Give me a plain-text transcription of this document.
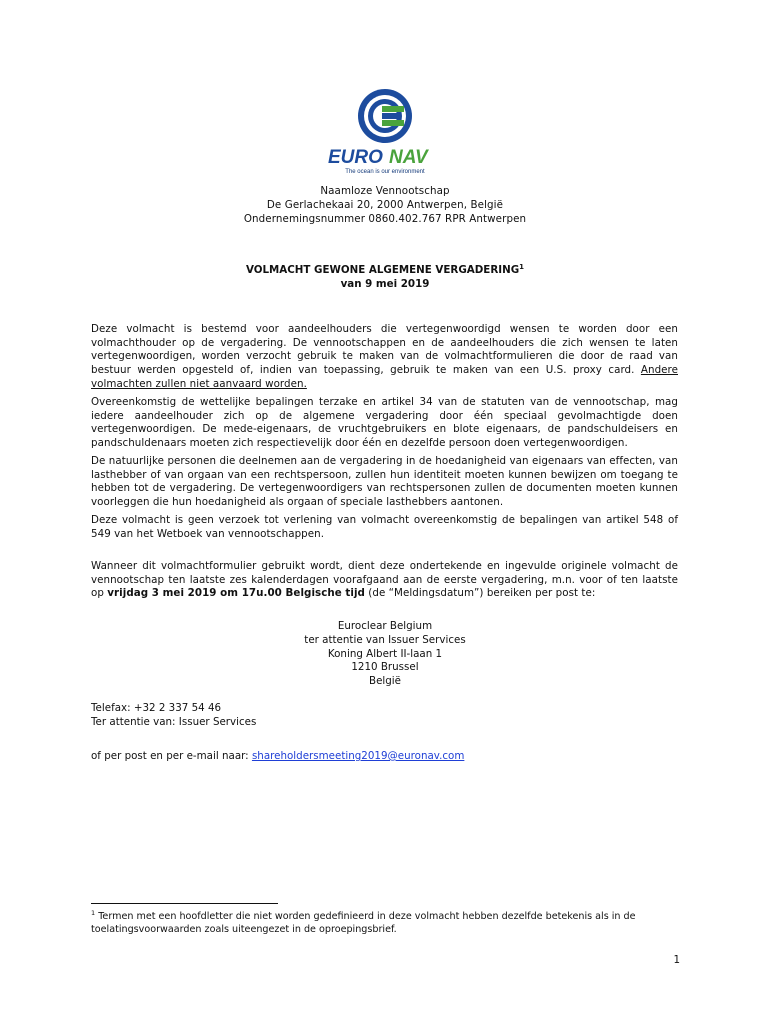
EURO NAV
The ocean is our environment
Naamloze Vennootschap
De Gerlachekaai 20, 2000 Antwerpen, België
Ondernemingsnummer 0860.402.767 RPR Antwerpen
VOLMACHT GEWONE ALGEMENE VERGADERING$^1$
van 9 mei 2019
Deze volmacht is bestemd voor aandeelhouders die vertegenwoordigd wensen te worden door een volmachthouder op de vergadering. De vennootschappen en de aandeelhouders die zich wensen te laten vertegenwoordigen, worden verzocht gebruik te maken van de volmachtformulieren die door de raad van bestuur werden opgesteld of, indien van toepassing, gebruik te maken van een U.S. proxy card. Andere volmachten zullen niet aanvaard worden.
Overeenkomstig de wettelijke bepalingen terzake en artikel 34 van de statuten van de vennootschap, mag iedere aandeelhouder zich op de algemene vergadering door één speciaal gevolmachtigde doen vertegenwoordigen. De mede-eigenaars, de vruchtgebruikers en blote eigenaars, de pandschuldeisers en pandschuldenaars moeten zich respectievelijk door één en dezelfde persoon doen vertegenwoordigen.
De natuurlijke personen die deelnemen aan de vergadering in de hoedanigheid van eigenaars van effecten, van lasthebber of van orgaan van een rechtspersoon, zullen hun identiteit moeten kunnen bewijzen om toegang te hebben tot de vergadering. De vertegenwoordigers van rechtspersonen zullen de documenten moeten kunnen voorleggen die hun hoedanigheid als orgaan of speciale lasthebbers aantonen.
Deze volmacht is geen verzoek tot verlening van volmacht overeenkomstig de bepalingen van artikel 548 of 549 van het Wetboek van vennootschappen.
Wanneer dit volmachtformulier gebruikt wordt, dient deze ondertekende en ingevulde originele volmacht de vennootschap ten laatste zes kalenderdagen voorafgaand aan de eerste vergadering, m.n. voor of ten laatste op vrijdag 3 mei 2019 om 17u.00 Belgische tijd (de “Meldingsdatum”) bereiken per post te:
Euroclear Belgium
ter attentie van Issuer Services
Koning Albert II-laan 1
1210 Brussel
België
Telefax: +32 2 337 54 46
Ter attentie van: Issuer Services
of per post en per e-mail naar: shareholdersmeeting2019@euronav.com
$^1$ Termen met een hoofdletter die niet worden gedefinieerd in deze volmacht hebben dezelfde betekenis als in de toelatingsvoorwaarden zoals uiteengezet in de oproepingsbrief.
1
